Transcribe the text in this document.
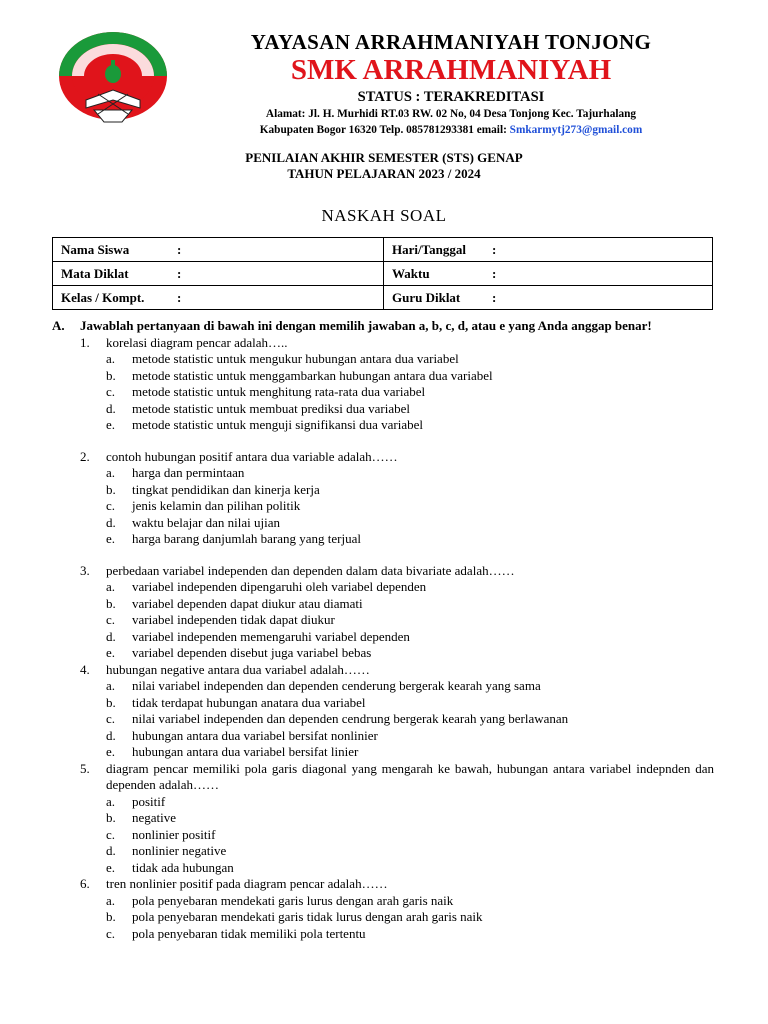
YAYASAN ARRAHMANIYAH TONJONG
SMK ARRAHMANIYAH
STATUS : TERAKREDITASI
Alamat: Jl. H. Murhidi RT.03 RW. 02 No, 04 Desa Tonjong Kec. Tajurhalang
Kabupaten Bogor 16320 Telp. 085781293381 email: Smkarmytj273@gmail.com
PENILAIAN AKHIR SEMESTER (STS) GENAP
TAHUN PELAJARAN 2023 / 2024
NASKAH SOAL
Nama Siswa :	Hari/Tanggal :

Mata Diklat :	Waktu :

Kelas / Kompt. :	Guru Diklat :
A.	Jawablah pertanyaan di bawah ini dengan memilih jawaban a, b, c, d, atau e yang Anda anggap benar!
1.	korelasi diagram pencar adalah…..
a.	metode statistic untuk mengukur hubungan antara dua variabel
b.	metode statistic untuk menggambarkan hubungan antara dua variabel
c.	metode statistic untuk menghitung rata-rata dua variabel
d.	metode statistic untuk membuat prediksi dua variabel
e.	metode statistic untuk menguji signifikansi dua variabel
2.	contoh hubungan positif antara dua variable adalah……
a.	harga dan permintaan
b.	tingkat pendidikan dan kinerja kerja
c.	jenis kelamin dan pilihan politik
d.	waktu belajar dan nilai ujian
e.	harga barang danjumlah barang yang terjual
3.	perbedaan variabel independen dan dependen dalam data bivariate adalah……
a.	variabel independen dipengaruhi oleh variabel dependen
b.	variabel dependen dapat diukur atau diamati
c.	variabel independen tidak dapat diukur
d.	variabel independen memengaruhi variabel dependen
e.	variabel dependen disebut juga variabel bebas
4.	hubungan negative antara dua variabel adalah……
a.	nilai variabel independen dan dependen cenderung bergerak kearah yang sama
b.	tidak terdapat hubungan anatara dua variabel
c.	nilai variabel independen dan dependen cendrung bergerak kearah yang berlawanan
d.	hubungan antara dua variabel bersifat nonlinier
e.	hubungan antara dua variabel bersifat linier
5.	diagram pencar memiliki pola garis diagonal yang mengarah ke bawah, hubungan antara variabel indepnden dan dependen adalah……
a.	positif
b.	negative
c.	nonlinier positif
d.	nonlinier negative
e.	tidak ada hubungan
6.	tren nonlinier positif pada diagram pencar adalah……
a.	pola penyebaran mendekati garis lurus dengan arah garis naik
b.	pola penyebaran mendekati garis tidak lurus dengan arah garis naik
c.	pola penyebaran tidak memiliki pola tertentu
